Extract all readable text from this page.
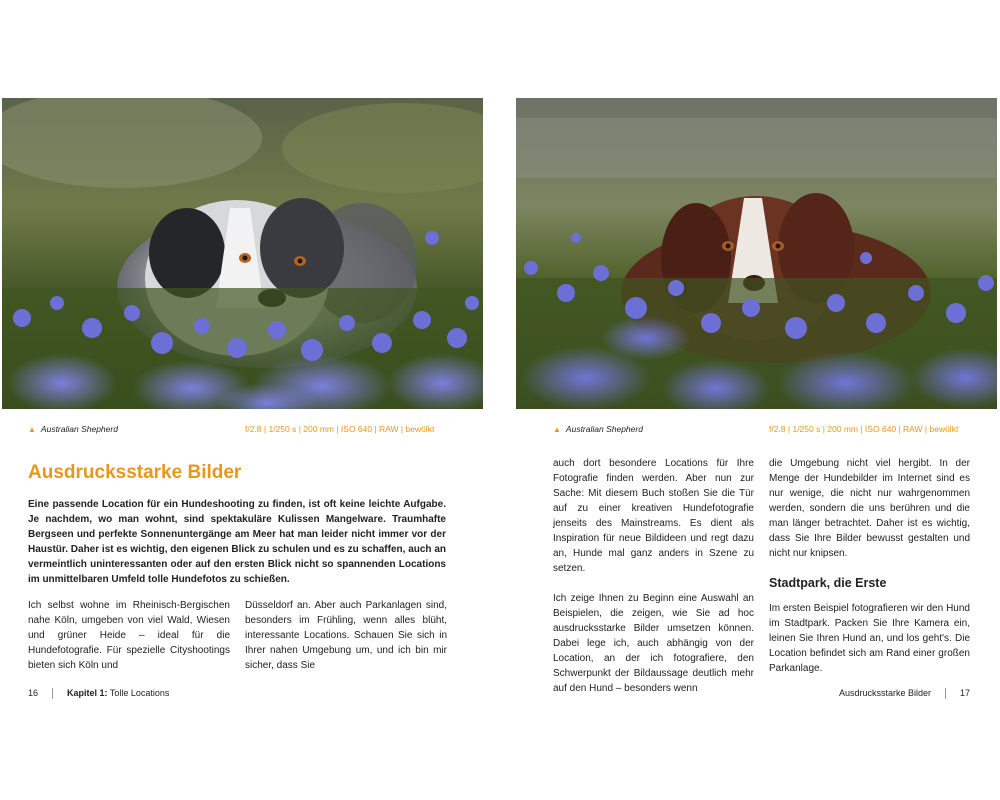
▲ Australian Shepherd	f/2.8 | 1/250 s | 200 mm | ISO 640 | RAW | bewölkt	▲ Australian Shepherd	f/2.8 | 1/250 s | 200 mm | ISO 640 | RAW | bewölkt
Ausdrucksstarke Bilder

Eine passende Location für ein Hundeshooting zu finden, ist oft keine leichte Aufgabe. Je nachdem, wo man wohnt, sind spektakuläre Kulissen Mangelware. Traumhafte Bergseen und perfekte Sonnenuntergänge am Meer hat man leider nicht immer vor der Haustür. Daher ist es wichtig, den eigenen Blick zu schulen und es zu schaffen, auch an vermeintlich uninteressanten oder auf den ersten Blick nicht so spannenden Locations im unmittelbaren Umfeld tolle Hundefotos zu schießen.

Ich selbst wohne im Rheinisch-Bergischen nahe Köln, umgeben von viel Wald, Wiesen und grüner Heide – ideal für die Hundefotografie. Für spezielle Cityshootings bieten sich Köln und

Düsseldorf an. Aber auch Parkanlagen sind, besonders im Frühling, wenn alles blüht, interessante Locations. Schauen Sie sich in Ihrer nahen Umgebung um, und ich bin mir sicher, dass Sie

auch dort besondere Locations für Ihre Fotografie finden werden. Aber nun zur Sache: Mit diesem Buch stoßen Sie die Tür auf zu einer kreativen Hundefotografie jenseits des Mainstreams. Es dient als Inspiration für neue Bildideen und regt dazu an, Hunde mal ganz anders in Szene zu setzen.

Ich zeige Ihnen zu Beginn eine Auswahl an Beispielen, die zeigen, wie Sie ad hoc ausdrucksstarke Bilder umsetzen können. Dabei lege ich, auch abhängig von der Location, an der ich fotografiere, den Schwerpunkt der Bildaussage deutlich mehr auf den Hund – besonders wenn

die Umgebung nicht viel hergibt. In der Menge der Hundebilder im Internet sind es nur wenige, die nicht nur wahrgenommen werden, sondern die uns berühren und die man länger betrachtet. Daher ist es wichtig, dass Sie Ihre Bilder bewusst gestalten und nicht nur knipsen.

Stadtpark, die Erste

Im ersten Beispiel fotografieren wir den Hund im Stadtpark. Packen Sie Ihre Kamera ein, leinen Sie Ihren Hund an, und los geht's. Die Location befindet sich am Rand einer großen Parkanlage.

16	Kapitel 1: Tolle Locations	Ausdrucksstarke Bilder	17
